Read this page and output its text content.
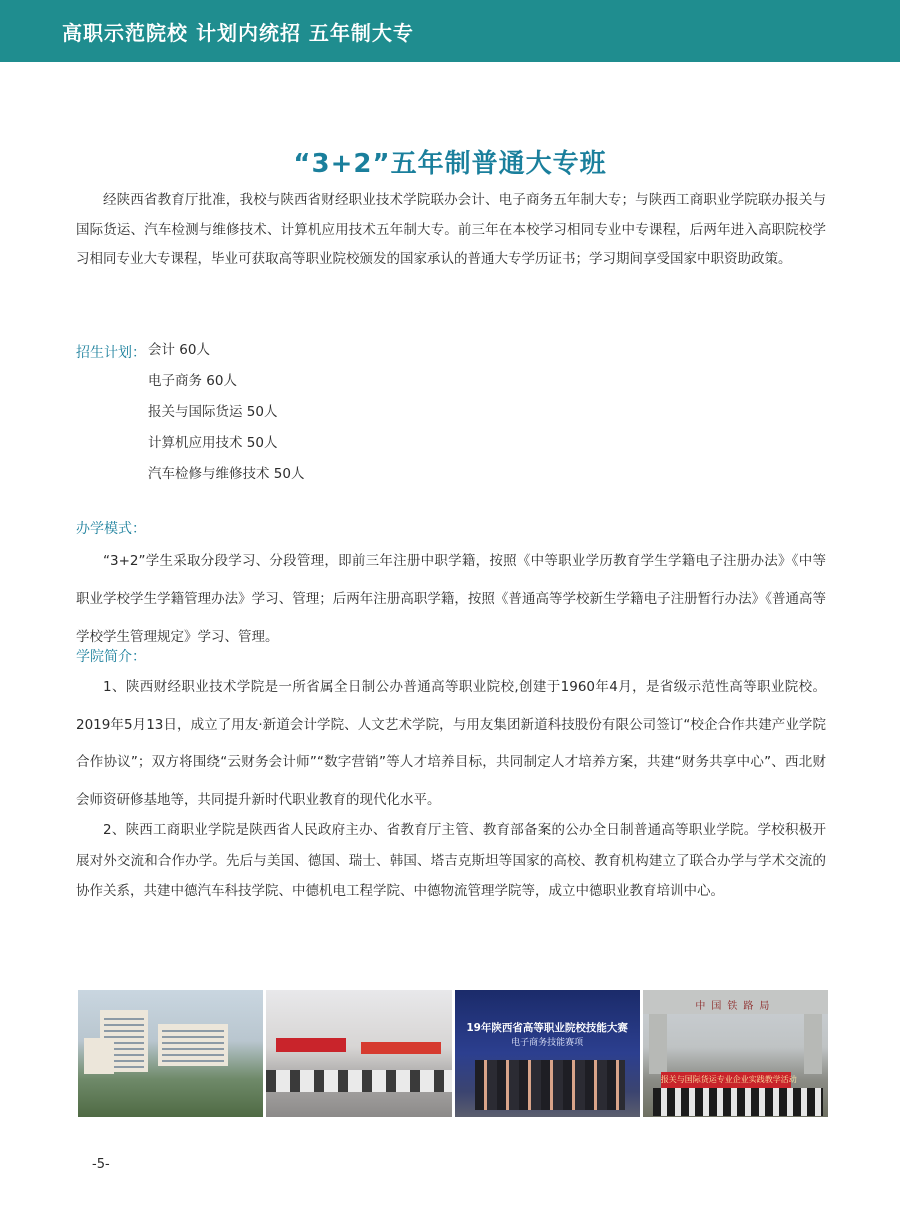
高职示范院校 计划内统招 五年制大专
“3+2”五年制普通大专班

经陕西省教育厅批准，我校与陕西省财经职业技术学院联办会计、电子商务五年制大专；与陕西工商职业学院联办报关与国际货运、汽车检测与维修技术、计算机应用技术五年制大专。前三年在本校学习相同专业中专课程，后两年进入高职院校学习相同专业大专课程，毕业可获取高等职业院校颁发的国家承认的普通大专学历证书；学习期间享受国家中职资助政策。

招生计划： 会计 60人
电子商务 60人
报关与国际货运 50人
计算机应用技术 50人
汽车检修与维修技术 50人
办学模式：

“3+2”学生采取分段学习、分段管理，即前三年注册中职学籍，按照《中等职业学历教育学生学籍电子注册办法》《中等职业学校学生学籍管理办法》学习、管理；后两年注册高职学籍，按照《普通高等学校新生学籍电子注册暂行办法》《普通高等学校学生管理规定》学习、管理。

学院简介：

1、陕西财经职业技术学院是一所省属全日制公办普通高等职业院校,创建于1960年4月，是省级示范性高等职业院校。2019年5月13日，成立了用友·新道会计学院、人文艺术学院，与用友集团新道科技股份有限公司签订“校企合作共建产业学院合作协议”；双方将围绕“云财务会计师”“数字营销”等人才培养目标，共同制定人才培养方案，共建“财务共享中心”、西北财会师资研修基地等，共同提升新时代职业教育的现代化水平。

2、陕西工商职业学院是陕西省人民政府主办、省教育厅主管、教育部备案的公办全日制普通高等职业学院。学校积极开展对外交流和合作办学。先后与美国、德国、瑞士、韩国、塔吉克斯坦等国家的高校、教育机构建立了联合办学与学术交流的协作关系，共建中德汽车科技学院、中德机电工程学院、中德物流管理学院等，成立中德职业教育培训中心。

19年陕西省高等职业院校技能大赛
电子商务技能赛项
中国铁路局
报关与国际货运专业企业实践教学活动
-5-
